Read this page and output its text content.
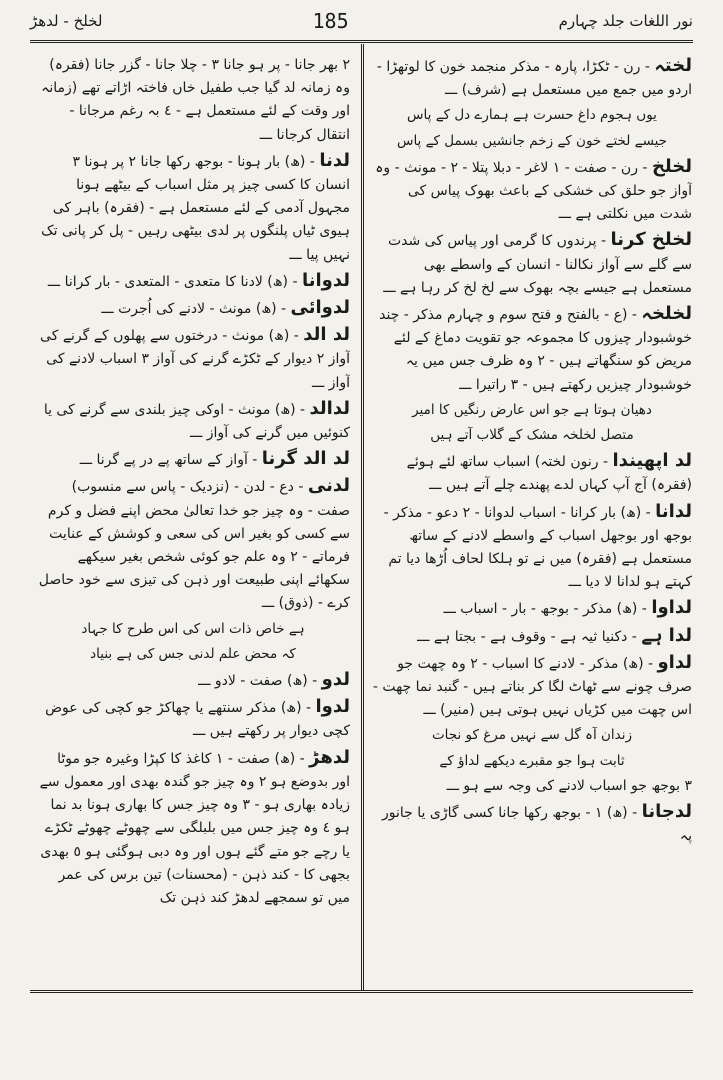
نور اللغات جلد چہارم
185
لخلخ - لدھڑ
لختہ - رن - ٹکڑا، پارہ - مذکر منجمد خون کا لوتھڑا - اردو میں جمع میں مستعمل ہے (شرف) ـــ
یوں ہجوم داغ حسرت ہے ہمارے دل کے پاس
جیسے لختے خون کے زخم جانشیں بسمل کے پاس
لخلخ - رن - صفت - ١ لاغر - دبلا پتلا - ٢ - مونث - وہ آواز جو حلق کی خشکی کے باعث بھوک پیاس کی شدت میں نکلتی ہے ـــ
لخلخ کرنا - پرندوں کا گرمی اور پیاس کی شدت سے گلے سے آواز نکالنا - انسان کے واسطے بھی مستعمل ہے جیسے بچہ بھوک سے لخ لخ کر رہا ہے ـــ
لخلخہ - (ع - بالفتح و فتح سوم و چہارم مذکر - چند خوشبودار چیزوں کا مجموعہ جو تقویت دماغ کے لئے مریض کو سنگھاتے ہیں - ٢ وہ ظرف جس میں یہ خوشبودار چیزیں رکھتے ہیں - ٣ راتیرا ـــ
دھیان ہوتا ہے جو اس عارض رنگیں کا امیر
متصل لخلخہ مشک کے گلاب آتے ہیں
لد اپھیندا - رنون لختہ) اسباب ساتھ لئے ہوئے (فقرہ) آج آپ کہاں لدے پھندے چلے آتے ہیں ـــ
لدانا - (ھ) بار کرانا - اسباب لدوانا - ٢ دعو - مذکر - بوجھ اور بوجھل اسباب کے واسطے لادنے کے ساتھ مستعمل ہے (فقرہ) میں نے تو ہلکا لحاف اُڑھا دیا تم کہتے ہو لدانا لا دیا ـــ
لداوا - (ھ) مذکر - بوجھ - بار - اسباب ـــ
لدا ہے - دکنیا ثیہ ہے - وقوف ہے - بجتا ہے ـــ
لداو - (ھ) مذکر - لادنے کا اسباب - ٢ وہ چھت جو صرف چونے سے ٹھاٹ لگا کر بناتے ہیں - گنبد نما چھت - اس چھت میں کڑیاں نہیں ہوتی ہیں (منیر) ـــ
زندان آہ گل سے نہیں مرغ کو نجات
ثابت ہوا جو مقبرے دیکھے لداؤ کے
٣ بوجھ جو اسباب لادنے کی وجہ سے ہو ـــ
لدجانا - (ھ) ١ - بوجھ رکھا جانا کسی گاڑی یا جانور پہ
٢ بھر جانا - پر ہو جانا ٣ - چلا جانا - گزر جانا (فقرہ) وہ زمانہ لد گیا جب طفیل خاں فاختہ اڑاتے تھے (زمانہ اور وقت کے لئے مستعمل ہے - ٤ بہ رغم مرجانا - انتقال کرجانا ـــ
لدنا - (ھ) بار ہونا - بوجھ رکھا جانا ٢ پر ہونا ٣ انسان کا کسی چیز پر مثل اسباب کے بیٹھے ہونا مجہول آدمی کے لئے مستعمل ہے - (فقرہ) باہر کی ہیوی ٹیاں پلنگوں پر لدی بیٹھی رہیں - پل کر پانی تک نہیں پیا ـــ
لدوانا - (ھ) لادنا کا متعدی - المتعدی - بار کرانا ـــ
لدوائی - (ھ) مونث - لادنے کی اُجرت ـــ
لد الد - (ھ) مونث - درختوں سے پھلوں کے گرنے کی آواز ٢ دیوار کے ٹکڑے گرنے کی آواز ٣ اسباب لادنے کی آواز ـــ
لدالد - (ھ) مونث - اوکی چیز بلندی سے گرنے کی یا کنوئیں میں گرنے کی آواز ـــ
لد الد گرنا - آواز کے ساتھ پے در پے گرنا ـــ
لدنی - دع - لدن - (نزدیک - پاس سے منسوب) صفت - وہ چیز جو خدا تعالیٰ محض اپنے فضل و کرم سے کسی کو بغیر اس کی سعی و کوشش کے عنایت فرماتے - ٢ وہ علم جو کوئی شخص بغیر سیکھے سکھائے اپنی طبیعت اور ذہن کی تیزی سے خود حاصل کرے - (ذوق) ـــ
ہے خاص ذات اس کی اس طرح کا جہاد
کہ محض علم لدنی جس کی ہے بنیاد
لدو - (ھ) صفت - لادو ـــ
لدوا - (ھ) مذکر سنتھے یا چھاکڑ جو کچی کی عوض کچی دیوار پر رکھتے ہیں ـــ
لدھڑ - (ھ) صفت - ١ کاغذ کا کپڑا وغیرہ جو موٹا اور بدوضع ہو ٢ وہ چیز جو گندہ بھدی اور معمول سے زیادہ بھاری ہو - ٣ وہ چیز جس کا بھاری ہونا بد نما ہو ٤ وہ چیز جس میں بلبلگی سے چھوٹے چھوٹے ٹکڑے یا رچے جو متے گئے ہوں اور وہ دبی ہوگئی ہو ٥ بھدی بجھی کا - کند ذہن - (محسنات) تین برس کی عمر میں تو سمجھے لدھڑ کند ذہن تک
